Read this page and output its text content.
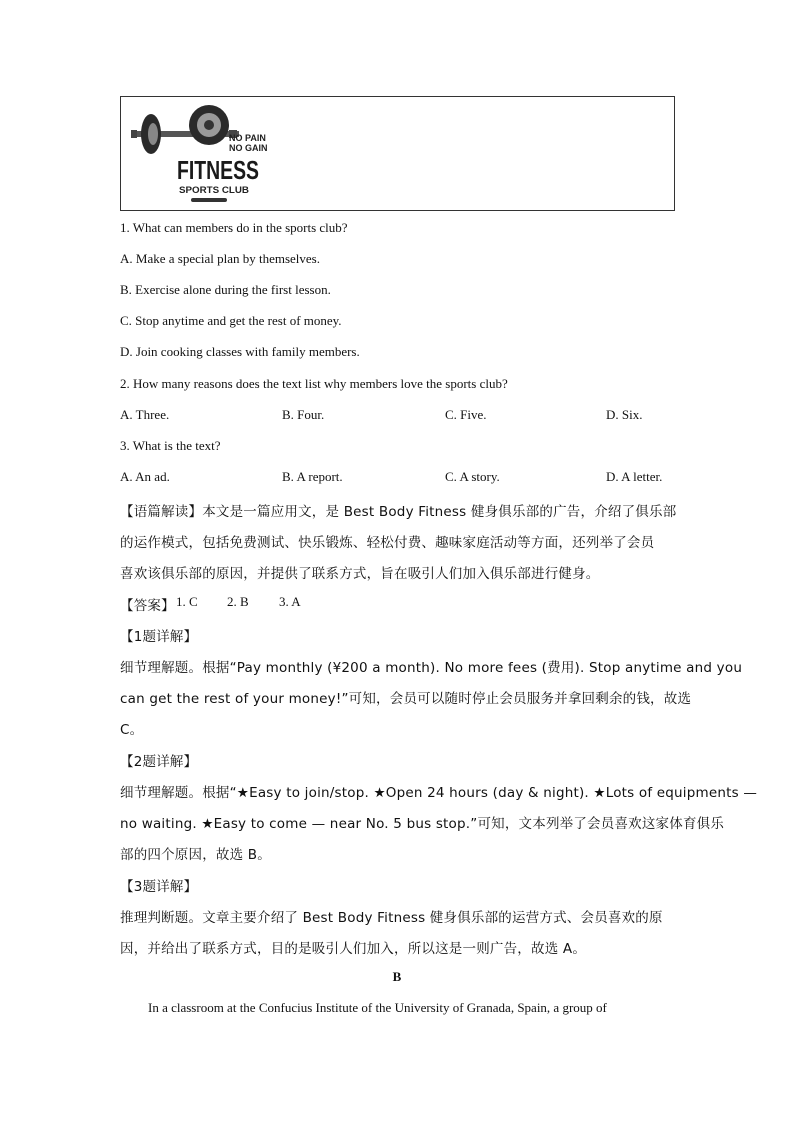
NO PAIN
NO GAIN
FITNESS
SPORTS CLUB
1. What can members do in the sports club?
A. Make a special plan by themselves.
B. Exercise alone during the first lesson.
C. Stop anytime and get the rest of money.
D. Join cooking classes with family members.
2. How many reasons does the text list why members love the sports club?
A. Three.	B. Four.	C. Five.	D. Six.
3. What is the text?
A. An ad.	B. A report.	C. A story.	D. A letter.
【语篇解读】本文是一篇应用文，是 Best Body Fitness 健身俱乐部的广告，介绍了俱乐部
的运作模式，包括免费测试、快乐锻炼、轻松付费、趣味家庭活动等方面，还列举了会员
喜欢该俱乐部的原因，并提供了联系方式，旨在吸引人们加入俱乐部进行健身。
【答案】 1. C 2. B 3. A
【1题详解】
细节理解题。根据“Pay monthly (¥200 a month). No more fees (费用). Stop anytime and you
can get the rest of your money!”可知，会员可以随时停止会员服务并拿回剩余的钱，故选
C。
【2题详解】
细节理解题。根据“★Easy to join/stop. ★Open 24 hours (day & night). ★Lots of equipments —
no waiting. ★Easy to come — near No. 5 bus stop.”可知，文本列举了会员喜欢这家体育俱乐
部的四个原因，故选 B。
【3题详解】
推理判断题。文章主要介绍了 Best Body Fitness 健身俱乐部的运营方式、会员喜欢的原
因，并给出了联系方式，目的是吸引人们加入，所以这是一则广告，故选 A。
B
In a classroom at the Confucius Institute of the University of Granada, Spain, a group of
